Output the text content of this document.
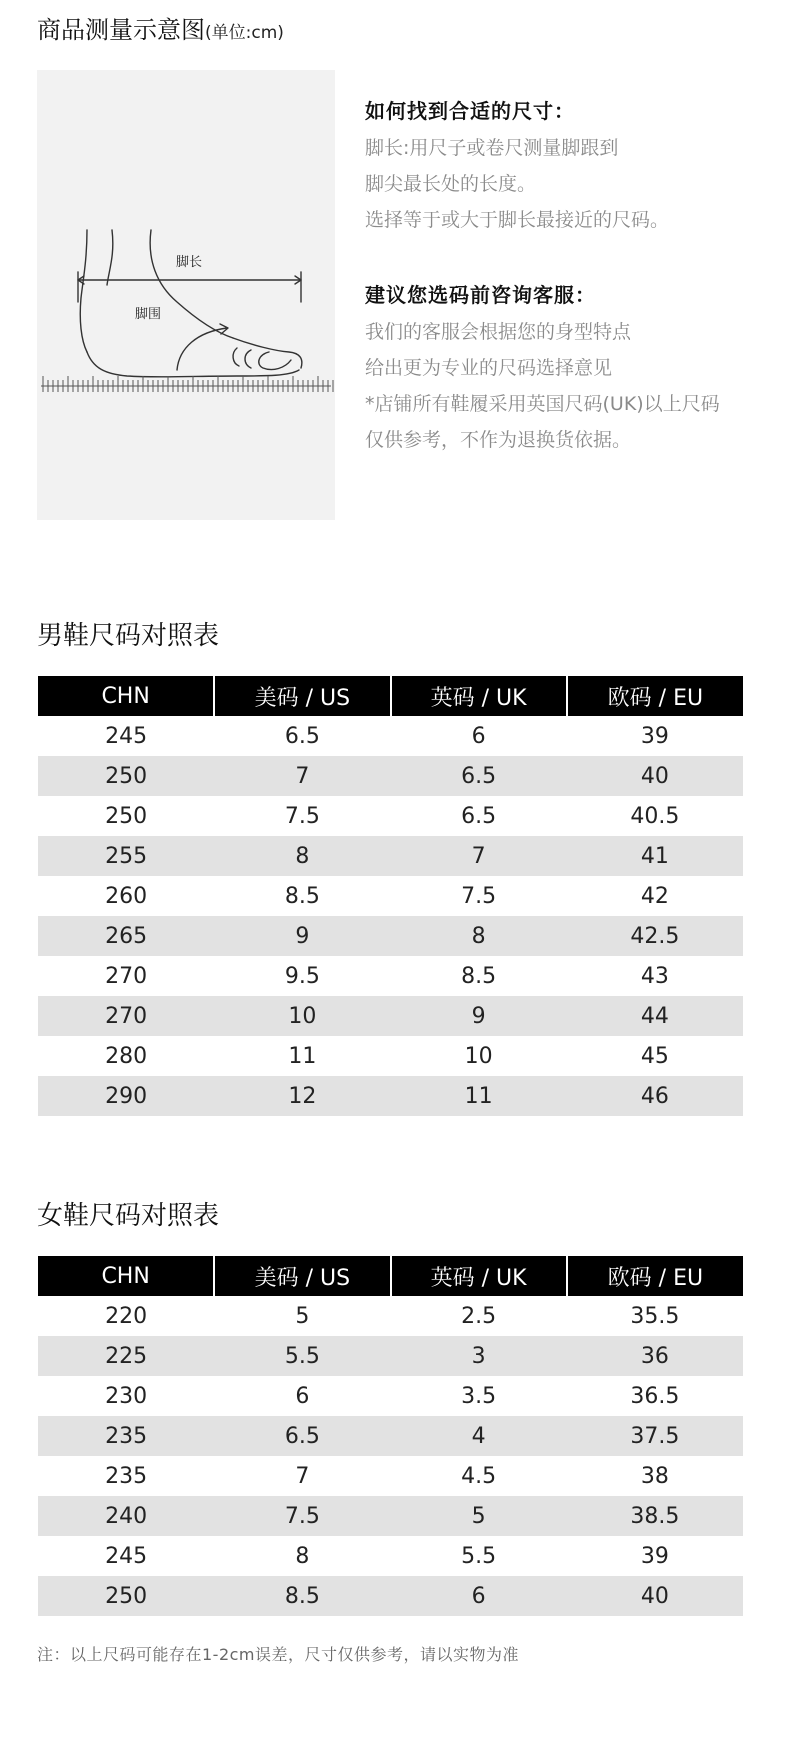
商品测量示意图(单位:cm)
脚长
脚围
如何找到合适的尺寸：

脚长:用尺子或卷尺测量脚跟到

脚尖最长处的长度。

选择等于或大于脚长最接近的尺码。

建议您选码前咨询客服：

我们的客服会根据您的身型特点

给出更为专业的尺码选择意见

*店铺所有鞋履采用英国尺码(UK)以上尺码

仅供参考，不作为退换货依据。

男鞋尺码对照表
CHN	美码 / US	英码 / UK	欧码 / EU
245	6.5	6	39
250	7	6.5	40
250	7.5	6.5	40.5
255	8	7	41
260	8.5	7.5	42
265	9	8	42.5
270	9.5	8.5	43
270	10	9	44
280	11	10	45
290	12	11	46
女鞋尺码对照表
CHN	美码 / US	英码 / UK	欧码 / EU
220	5	2.5	35.5
225	5.5	3	36
230	6	3.5	36.5
235	6.5	4	37.5
235	7	4.5	38
240	7.5	5	38.5
245	8	5.5	39
250	8.5	6	40
注：以上尺码可能存在1-2cm误差，尺寸仅供参考，请以实物为准
